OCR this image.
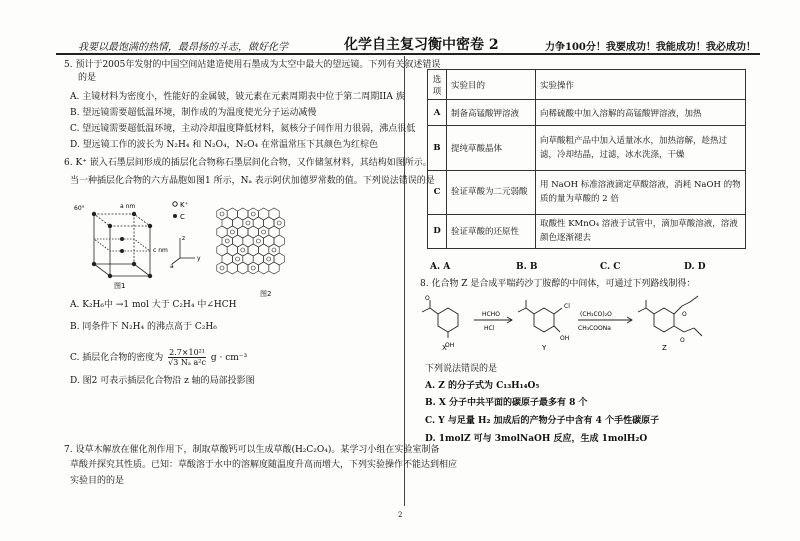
我要以最饱满的热情，最昂扬的斗志，做好化学	化学自主复习衡中密卷 2	力争100分！我要成功！我能成功！我必成功！
5. 预计于2005年发射的中国空间站建造使用石墨成为太空中最大的望远镜。下列有关叙述错误
的是
A. 主镜材料为密度小，性能好的金属铍，铍元素在元素周期表中位于第二周期IIA 族
B. 望远镜需要超低温环境，制作成的为温度使光分子运动减慢
C. 望远镜需要超低温环境，主动冷却温度降低材料，氦核分子间作用力很弱，沸点很低
D. 望远镜工作的波长为 N₂H₄ 和 N₂O₄，N₂O₄ 在常温常压下其颜色为红棕色
6. K⁺ 嵌入石墨层间形成的插层化合物称石墨层间化合物，又作储氢材料，其结构如图所示。
当一种插层化合物的六方晶胞如图1 所示，Nₐ 表示阿伏加德罗常数的值。下列说法错误的是
60°	a nm
c nm
图1
K⁺
C
z
y
a
图2
A. K₂H₆中 →1 mol 大于 C₂H₄ 中∠HCH
B. 同条件下 N₂H₄ 的沸点高于 C₂H₆
C. 插层化合物的密度为 $\frac{\text{2.7×10²¹}}{\text{√3 Nₐ a²c}}$ g · cm⁻³
D. 图2 可表示插层化合物沿 z 轴的局部投影图
7. 设草木解放在催化剂作用下，制取草酸钙可以生成草酸(H₂C₂O₄)。某学习小组在实验室制备
草酸并探究其性质。已知：草酸溶于水中的溶解度随温度升高而增大，下列实验操作不能达到相应
实验目的的是
选项	实验目的	实验操作
A	制备高锰酸钾溶液	向稀硫酸中加入溶解的高锰酸钾溶液，加热
B	提纯草酸晶体	向草酸粗产品中加入适量冰水，加热溶解，趁热过滤，冷却结晶，过滤，冰水洗涤，干燥
C	验证草酸为二元弱酸	用 NaOH 标准溶液滴定草酸溶液，消耗 NaOH 的物质的量为草酸的 2 倍
D	验证草酸的还原性	取酸性 KMnO₄ 溶液于试管中，滴加草酸溶液，溶液颜色逐渐褪去
A. A	B. B	C. C	D. D
8. 化合物 Z 是合成平喘药沙丁胺醇的中间体，可通过下列路线制得：
O
OH
X
HCHO
HCl
Cl
OH
Y
(CH₃CO)₂O
CH₃COONa
O
O
Z
下列说法错误的是
A. Z 的分子式为 C₁₃H₁₄O₅
B. X 分子中共平面的碳原子最多有 8 个
C. Y 与足量 H₂ 加成后的产物分子中含有 4 个手性碳原子
D. 1molZ 可与 3molNaOH 反应，生成 1molH₂O
2
